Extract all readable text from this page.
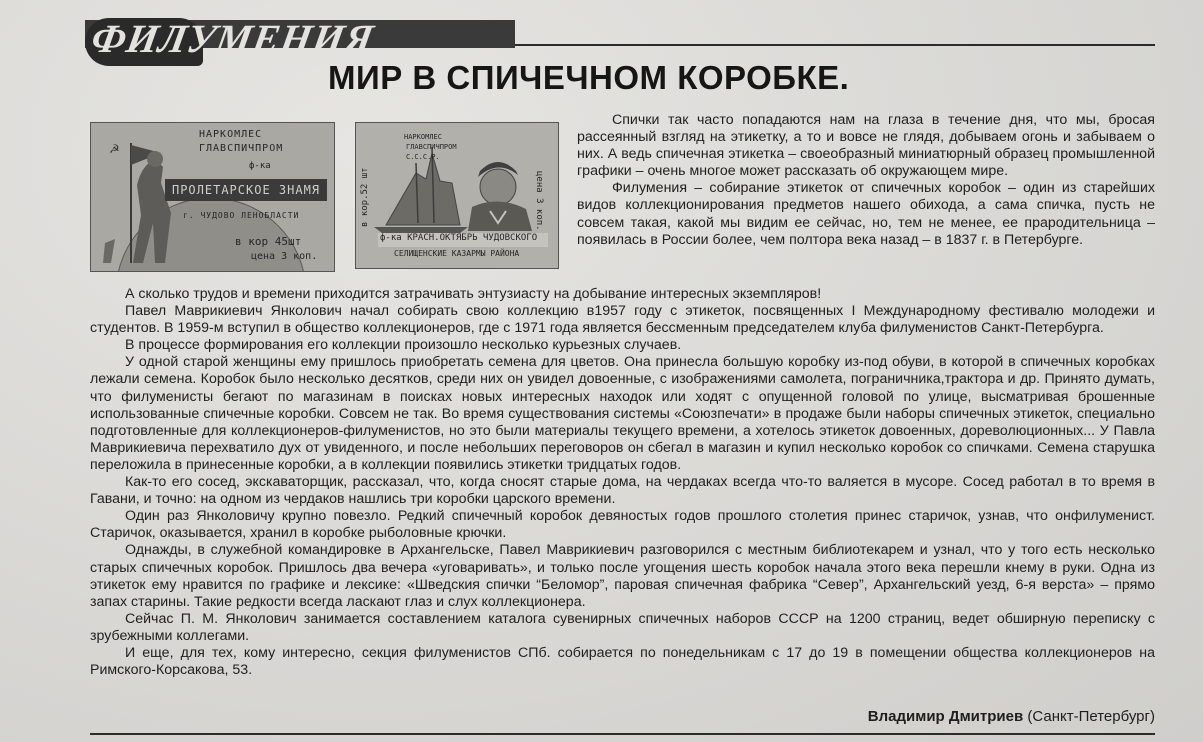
ФИЛУМЕНИЯ
МИР В СПИЧЕЧНОМ КОРОБКЕ.
☭
НАРКОМЛЕС
ГЛАВСПИЧПРОМ
ф-ка
ПРОЛЕТАРСКОЕ ЗНАМЯ
г. ЧУДОВО ЛЕНОБЛАСТИ
в кор 45шт
цена 3 коп.
НАРКОМЛЕС
ГЛАВСПИЧПРОМ
С.С.С.Р.
ф-ка КРАСН.ОКТЯБРЬ ЧУДОВСКОГО
СЕЛИЩЕНСКИЕ КАЗАРМЫ РАЙОНА
в кор.52 шт	цена 3 коп.

Спички так часто попадаются нам на глаза в течение дня, что мы, бросая рассеянный взгляд на этикетку, а то и вовсе не глядя, добываем огонь и забываем о них. А ведь спичечная этикетка – своеобразный миниатюрный образец промышленной графики – очень многое может рассказать об окружающем мире.

Филумения – собирание этикеток от спичечных коробок – один из старейших видов коллекционирования предметов нашего обихода, а сама спичка, пусть не совсем такая, какой мы видим ее сейчас, но, тем не менее, ее прародительница – появилась в России более, чем полтора века назад – в 1837 г. в Петербурге.

А сколько трудов и времени приходится затрачивать энтузиасту на добывание интересных экземпляров!

Павел Маврикиевич Янколович начал собирать свою коллекцию в1957 году с этикеток, посвященных I Международному фестивалю молодежи и студентов. В 1959-м вступил в общество коллекционеров, где с 1971 года является бессменным председателем клуба филуменистов Санкт-Петербурга.

В процессе формирования его коллекции произошло несколько курьезных случаев.

У одной старой женщины ему пришлось приобретать семена для цветов. Она принесла большую коробку из-под обуви, в которой в спичечных коробках лежали семена. Коробок было несколько десятков, среди них он увидел довоенные, с изображениями самолета, пограничника,трактора и др. Принято думать, что филуменисты бегают по магазинам в поисках новых интересных находок или ходят с опущенной головой по улице, высматривая брошенные использованные спичечные коробки. Совсем не так. Во время существования системы «Союзпечати» в продаже были наборы спичечных этикеток, специально подготовленные для коллекционеров-филуменистов, но это были материалы текущего времени, а хотелось этикеток довоенных, дореволюционных... У Павла Маврикиевича перехватило дух от увиденного, и после небольших переговоров он сбегал в магазин и купил несколько коробок со спичками. Семена старушка переложила в принесенные коробки, а в коллекции появились этикетки тридцатых годов.

Как-то его сосед, экскаваторщик, рассказал, что, когда сносят старые дома, на чердаках всегда что-то валяется в мусоре. Сосед работал в то время в Гавани, и точно: на одном из чердаков нашлись три коробки царского времени.

Один раз Янколовичу крупно повезло. Редкий спичечный коробок девяностых годов прошлого столетия принес старичок, узнав, что онфилуменист. Старичок, оказывается, хранил в коробке рыболовные крючки.

Однажды, в служебной командировке в Архангельске, Павел Маврикиевич разговорился с местным библиотекарем и узнал, что у того есть несколько старых спичечных коробок. Пришлось два вечера «уговаривать», и только после угощения шесть коробок начала этого века перешли кнему в руки. Одна из этикеток ему нравится по графике и лексике: «Шведския спички “Беломор”, паровая спичечная фабрика “Север”, Архангельский уезд, 6-я верста» – прямо запах старины. Такие редкости всегда ласкают глаз и слух коллекционера.

Сейчас П. М. Янколович занимается составлением каталога сувенирных спичечных наборов СССР на 1200 страниц, ведет обширную переписку с зрубежными коллегами.

И еще, для тех, кому интересно, секция филуменистов СПб. собирается по понедельникам с 17 до 19 в помещении общества коллекционеров на Римского-Корсакова, 53.

Владимир Дмитриев (Санкт-Петербург)
